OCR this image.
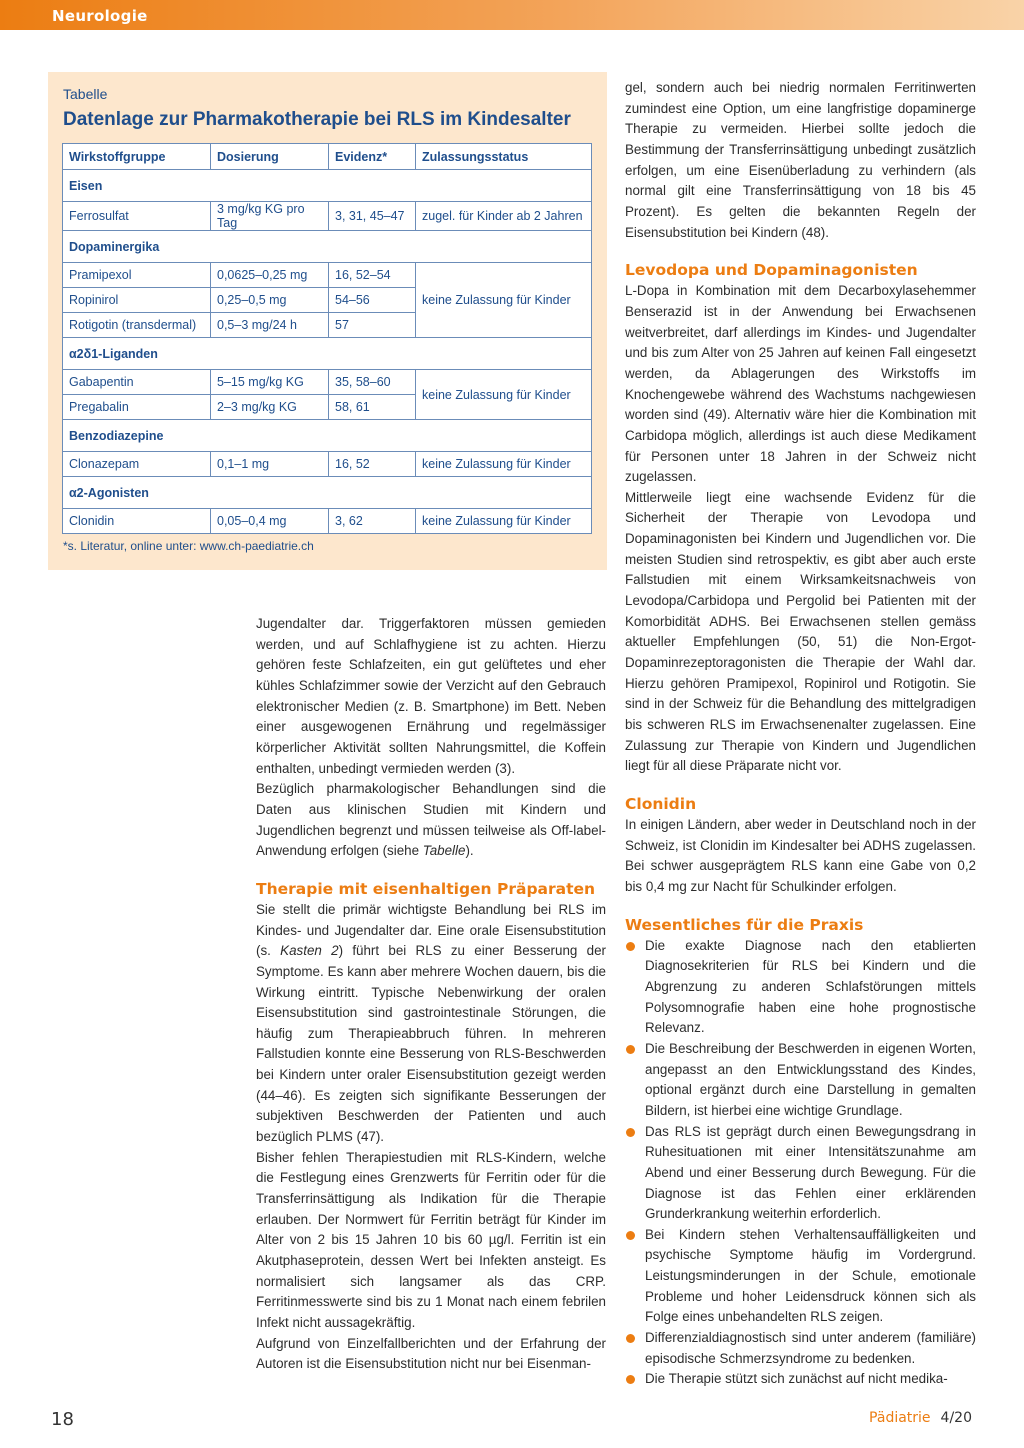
Neurologie
Tabelle
Datenlage zur Pharmakotherapie bei RLS im Kindesalter
Wirkstoffgruppe	Dosierung	Evidenz*	Zulassungsstatus
Eisen			
Ferrosulfat	3 mg/kg KG pro Tag	3, 31, 45–47	zugel. für Kinder ab 2 Jahren
Dopaminergika			
Pramipexol	0,0625–0,25 mg	16, 52–54	keine Zulassung für Kinder
Ropinirol	0,25–0,5 mg	54–56	
Rotigotin (transdermal)	0,5–3 mg/24 h	57	
α2δ1-Liganden			
Gabapentin	5–15 mg/kg KG	35, 58–60	keine Zulassung für Kinder
Pregabalin	2–3 mg/kg KG	58, 61	
Benzodiazepine			
Clonazepam	0,1–1 mg	16, 52	keine Zulassung für Kinder
α2-Agonisten			
Clonidin	0,05–0,4 mg	3, 62	keine Zulassung für Kinder
*s. Literatur, online unter: www.ch-paediatrie.ch

Jugendalter dar. Triggerfaktoren müssen gemieden werden, und auf Schlafhygiene ist zu achten. Hierzu gehören feste Schlafzeiten, ein gut gelüftetes und eher kühles Schlafzimmer sowie der Verzicht auf den Gebrauch elektronischer Medien (z. B. Smartphone) im Bett. Neben einer ausgewogenen Ernährung und regelmässiger körperlicher Aktivität sollten Nahrungsmittel, die Koffein enthalten, unbedingt vermieden werden (3).

Bezüglich pharmakologischer Behandlungen sind die Daten aus klinischen Studien mit Kindern und Jugendlichen begrenzt und müssen teilweise als Off-label-Anwendung erfolgen (siehe Tabelle).

Therapie mit eisenhaltigen Präparaten

Sie stellt die primär wichtigste Behandlung bei RLS im Kindes- und Jugendalter dar. Eine orale Eisensubstitution (s. Kasten 2) führt bei RLS zu einer Besserung der Symptome. Es kann aber mehrere Wochen dauern, bis die Wirkung eintritt. Typische Nebenwirkung der oralen Eisensubstitution sind gastrointestinale Störungen, die häufig zum Therapieabbruch führen. In mehreren Fallstudien konnte eine Besserung von RLS-Beschwerden bei Kindern unter oraler Eisensubstitution gezeigt werden (44–46). Es zeigten sich signifikante Besserungen der subjektiven Beschwerden der Patienten und auch bezüglich PLMS (47).

Bisher fehlen Therapiestudien mit RLS-Kindern, welche die Festlegung eines Grenzwerts für Ferritin oder für die Transferrinsättigung als Indikation für die Therapie erlauben. Der Normwert für Ferritin beträgt für Kinder im Alter von 2 bis 15 Jahren 10 bis 60 µg/l. Ferritin ist ein Akutphaseprotein, dessen Wert bei Infekten ansteigt. Es normalisiert sich langsamer als das CRP. Ferritinmesswerte sind bis zu 1 Monat nach einem febrilen Infekt nicht aussagekräftig.

Aufgrund von Einzelfallberichten und der Erfahrung der Autoren ist die Eisensubstitution nicht nur bei Eisenman-

gel, sondern auch bei niedrig normalen Ferritinwerten zumindest eine Option, um eine langfristige dopaminerge Therapie zu vermeiden. Hierbei sollte jedoch die Bestimmung der Transferrinsättigung unbedingt zusätzlich erfolgen, um eine Eisenüberladung zu verhindern (als normal gilt eine Transferrinsättigung von 18 bis 45 Prozent). Es gelten die bekannten Regeln der Eisensubstitution bei Kindern (48).

Levodopa und Dopaminagonisten

L-Dopa in Kombination mit dem Decarboxylasehemmer Benserazid ist in der Anwendung bei Erwachsenen weitverbreitet, darf allerdings im Kindes- und Jugendalter und bis zum Alter von 25 Jahren auf keinen Fall eingesetzt werden, da Ablagerungen des Wirkstoffs im Knochengewebe während des Wachstums nachgewiesen worden sind (49). Alternativ wäre hier die Kombination mit Carbidopa möglich, allerdings ist auch diese Medikament für Personen unter 18 Jahren in der Schweiz nicht zugelassen.

Mittlerweile liegt eine wachsende Evidenz für die Sicherheit der Therapie von Levodopa und Dopaminagonisten bei Kindern und Jugendlichen vor. Die meisten Studien sind retrospektiv, es gibt aber auch erste Fallstudien mit einem Wirksamkeitsnachweis von Levodopa/Carbidopa und Pergolid bei Patienten mit der Komorbidität ADHS. Bei Erwachsenen stellen gemäss aktueller Empfehlungen (50, 51) die Non-Ergot-Dopaminrezeptoragonisten die Therapie der Wahl dar. Hierzu gehören Pramipexol, Ropinirol und Rotigotin. Sie sind in der Schweiz für die Behandlung des mittelgradigen bis schweren RLS im Erwachsenenalter zugelassen. Eine Zulassung zur Therapie von Kindern und Jugendlichen liegt für all diese Präparate nicht vor.

Clonidin

In einigen Ländern, aber weder in Deutschland noch in der Schweiz, ist Clonidin im Kindesalter bei ADHS zugelassen. Bei schwer ausgeprägtem RLS kann eine Gabe von 0,2 bis 0,4 mg zur Nacht für Schulkinder erfolgen.

Wesentliches für die Praxis
Die exakte Diagnose nach den etablierten Diagnosekriterien für RLS bei Kindern und die Abgrenzung zu anderen Schlafstörungen mittels Polysomnografie haben eine hohe prognostische Relevanz.
Die Beschreibung der Beschwerden in eigenen Worten, angepasst an den Entwicklungsstand des Kindes, optional ergänzt durch eine Darstellung in gemalten Bildern, ist hierbei eine wichtige Grundlage.
Das RLS ist geprägt durch einen Bewegungsdrang in Ruhesituationen mit einer Intensitätszunahme am Abend und einer Besserung durch Bewegung. Für die Diagnose ist das Fehlen einer erklärenden Grunderkrankung weiterhin erforderlich.
Bei Kindern stehen Verhaltensauffälligkeiten und psychische Symptome häufig im Vordergrund. Leistungsminderungen in der Schule, emotionale Probleme und hoher Leidensdruck können sich als Folge eines unbehandelten RLS zeigen.
Differenzialdiagnostisch sind unter anderem (familiäre) episodische Schmerzsyndrome zu bedenken.
Die Therapie stützt sich zunächst auf nicht medika-
18	Pädiatrie 4/20
